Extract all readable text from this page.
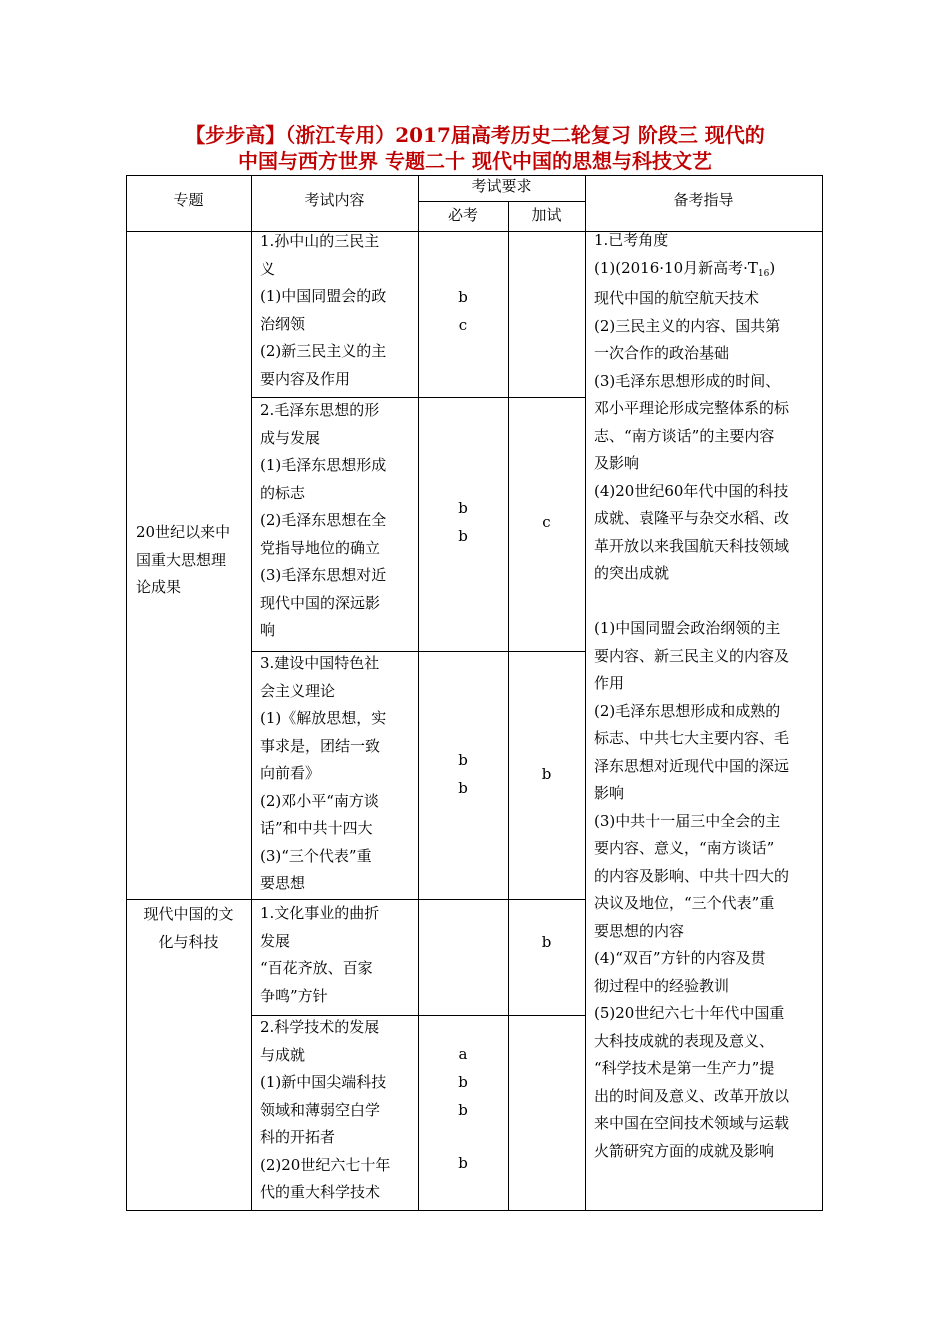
【步步高】（浙江专用）2017届高考历史二轮复习 阶段三 现代的
中国与西方世界 专题二十 现代中国的思想与科技文艺
专题	考试内容
考试要求
必考	加试
备考指导
20世纪以来中
国重大思想理
论成果
现代中国的文
化与科技
1.孙中山的三民主
义
(1)中国同盟会的政
治纲领
(2)新三民主义的主
要内容及作用
b
c
2.毛泽东思想的形
成与发展
(1)毛泽东思想形成
的标志
(2)毛泽东思想在全
党指导地位的确立
(3)毛泽东思想对近
现代中国的深远影
响
b
b
c
3.建设中国特色社
会主义理论
(1)《解放思想，实
事求是，团结一致
向前看》
(2)邓小平“南方谈
话”和中共十四大
(3)“三个代表”重
要思想
b
b
b
1.文化事业的曲折
发展
“百花齐放、百家
争鸣”方针
b
2.科学技术的发展
与成就
(1)新中国尖端科技
领域和薄弱空白学
科的开拓者
(2)20世纪六七十年
代的重大科学技术
a
b
b
b
1.已考角度
(1)(2016·10月新高考$\cdot T_{16}$)
现代中国的航空航天技术
(2)三民主义的内容、国共第
一次合作的政治基础
(3)毛泽东思想形成的时间、
邓小平理论形成完整体系的标
志、“南方谈话”的主要内容
及影响
(4)20世纪60年代中国的科技
成就、袁隆平与杂交水稻、改
革开放以来我国航天科技领域
的突出成就
(1)中国同盟会政治纲领的主
要内容、新三民主义的内容及
作用
(2)毛泽东思想形成和成熟的
标志、中共七大主要内容、毛
泽东思想对近现代中国的深远
影响
(3)中共十一届三中全会的主
要内容、意义，“南方谈话”
的内容及影响、中共十四大的
决议及地位，“三个代表”重
要思想的内容
(4)“双百”方针的内容及贯
彻过程中的经验教训
(5)20世纪六七十年代中国重
大科技成就的表现及意义、
“科学技术是第一生产力”提
出的时间及意义、改革开放以
来中国在空间技术领域与运载
火箭研究方面的成就及影响
